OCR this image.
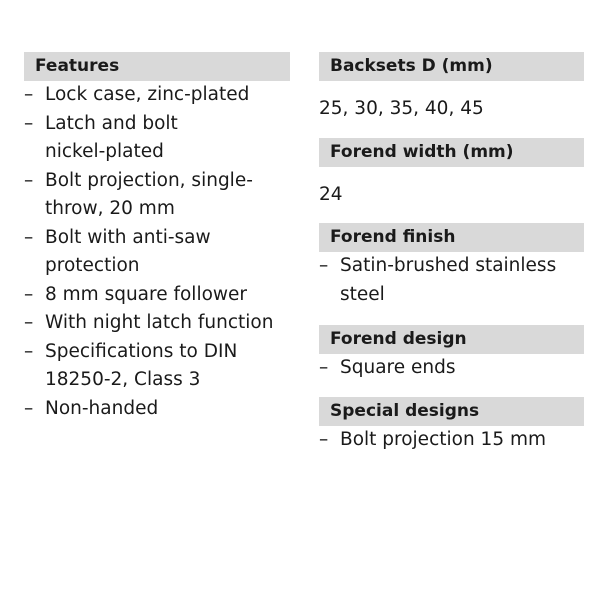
Features
– Lock case, zinc-plated
– Latch and bolt nickel-plated
– Bolt projection, single-throw, 20 mm
– Bolt with anti-saw protection
– 8 mm square follower
– With night latch function
– Specifications to DIN 18250-2, Class 3
– Non-handed
Backsets D (mm)

25, 30, 35, 40, 45

Forend width (mm)

24

Forend finish
– Satin-brushed stainless steel
Forend design
– Square ends
Special designs
– Bolt projection 15 mm
